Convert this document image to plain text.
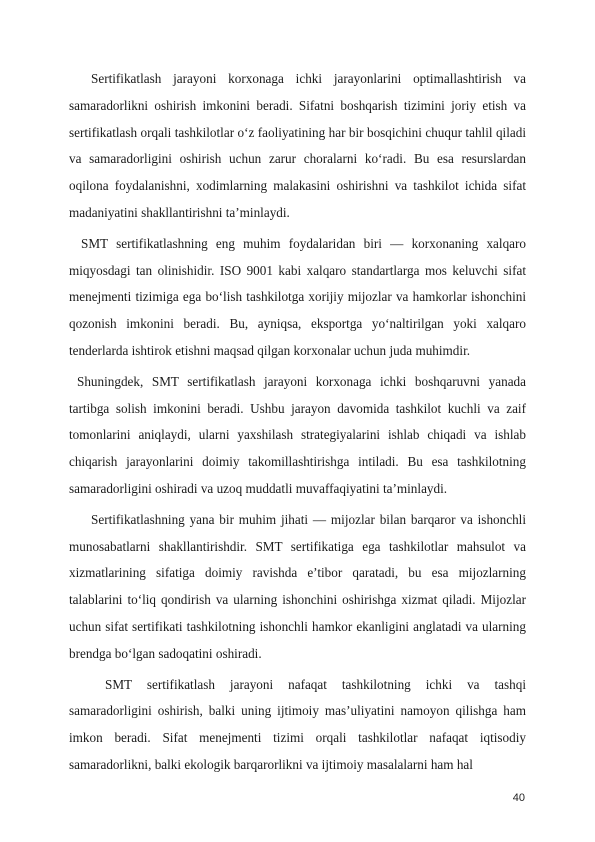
Sertifikatlash jarayoni korxonaga ichki jarayonlarini optimallashtirish va samaradorlikni oshirish imkonini beradi. Sifatni boshqarish tizimini joriy etish va sertifikatlash orqali tashkilotlar o‘z faoliyatining har bir bosqichini chuqur tahlil qiladi va samaradorligini oshirish uchun zarur choralarni ko‘radi. Bu esa resurslardan oqilona foydalanishni, xodimlarning malakasini oshirishni va tashkilot ichida sifat madaniyatini shakllantirishni ta’minlaydi.

SMT sertifikatlashning eng muhim foydalaridan biri — korxonaning xalqaro miqyosdagi tan olinishidir. ISO 9001 kabi xalqaro standartlarga mos keluvchi sifat menejmenti tizimiga ega bo‘lish tashkilotga xorijiy mijozlar va hamkorlar ishonchini qozonish imkonini beradi. Bu, ayniqsa, eksportga yo‘naltirilgan yoki xalqaro tenderlarda ishtirok etishni maqsad qilgan korxonalar uchun juda muhimdir.

Shuningdek, SMT sertifikatlash jarayoni korxonaga ichki boshqaruvni yanada tartibga solish imkonini beradi. Ushbu jarayon davomida tashkilot kuchli va zaif tomonlarini aniqlaydi, ularni yaxshilash strategiyalarini ishlab chiqadi va ishlab chiqarish jarayonlarini doimiy takomillashtirishga intiladi. Bu esa tashkilotning samaradorligini oshiradi va uzoq muddatli muvaffaqiyatini ta’minlaydi.

Sertifikatlashning yana bir muhim jihati — mijozlar bilan barqaror va ishonchli munosabatlarni shakllantirishdir. SMT sertifikatiga ega tashkilotlar mahsulot va xizmatlarining sifatiga doimiy ravishda e’tibor qaratadi, bu esa mijozlarning talablarini to‘liq qondirish va ularning ishonchini oshirishga xizmat qiladi. Mijozlar uchun sifat sertifikati tashkilotning ishonchli hamkor ekanligini anglatadi va ularning brendga bo‘lgan sadoqatini oshiradi.

SMT sertifikatlash jarayoni nafaqat tashkilotning ichki va tashqi samaradorligini oshirish, balki uning ijtimoiy mas’uliyatini namoyon qilishga ham imkon beradi. Sifat menejmenti tizimi orqali tashkilotlar nafaqat iqtisodiy samaradorlikni, balki ekologik barqarorlikni va ijtimoiy masalalarni ham hal

40
